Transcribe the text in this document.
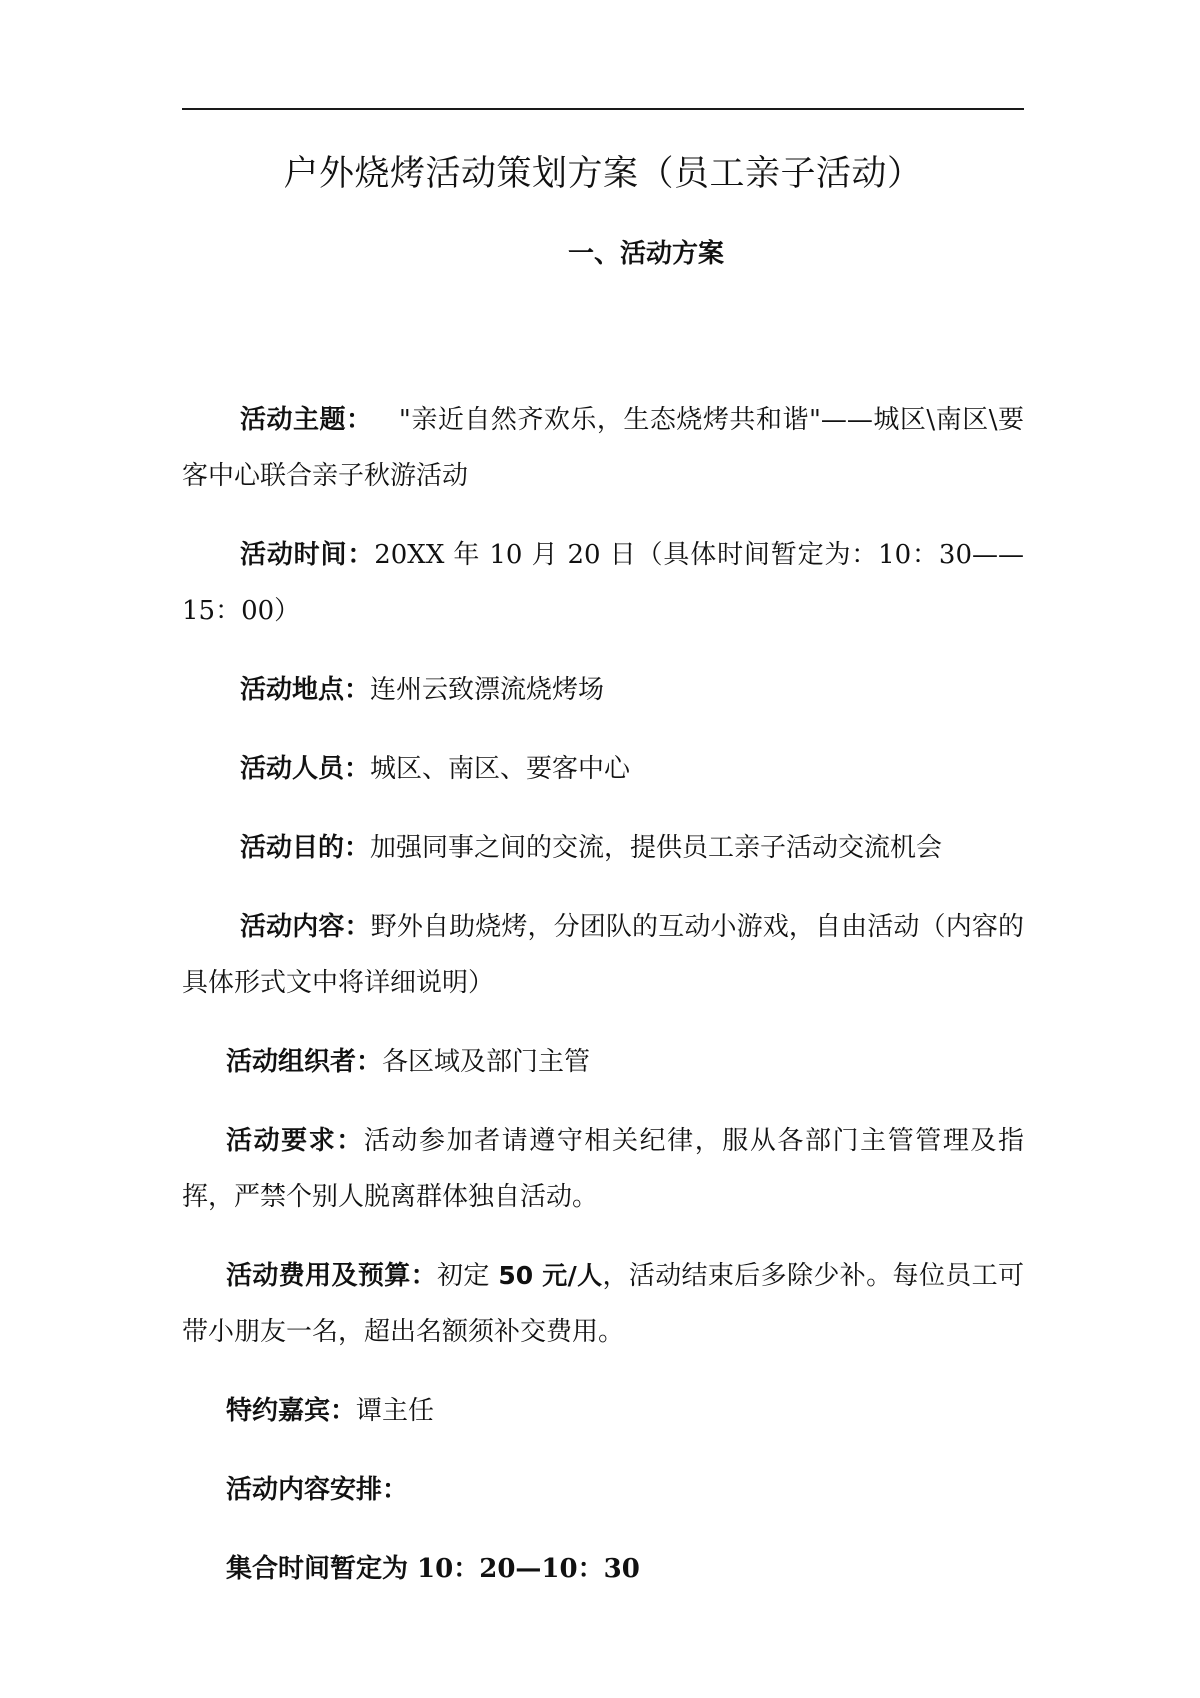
户外烧烤活动策划方案（员工亲子活动）
一、活动方案

活动主题： "亲近自然齐欢乐，生态烧烤共和谐"——城区\南区\要客中心联合亲子秋游活动

活动时间：20XX 年 10 月 20 日（具体时间暂定为：10：30——15：00）

活动地点：连州云致漂流烧烤场

活动人员：城区、南区、要客中心

活动目的：加强同事之间的交流，提供员工亲子活动交流机会

活动内容：野外自助烧烤，分团队的互动小游戏，自由活动（内容的具体形式文中将详细说明）

活动组织者：各区域及部门主管

活动要求：活动参加者请遵守相关纪律，服从各部门主管管理及指挥，严禁个别人脱离群体独自活动。

活动费用及预算：初定 50 元/人，活动结束后多除少补。每位员工可带小朋友一名，超出名额须补交费用。

特约嘉宾：谭主任

活动内容安排：

集合时间暂定为 10：20—10：30
